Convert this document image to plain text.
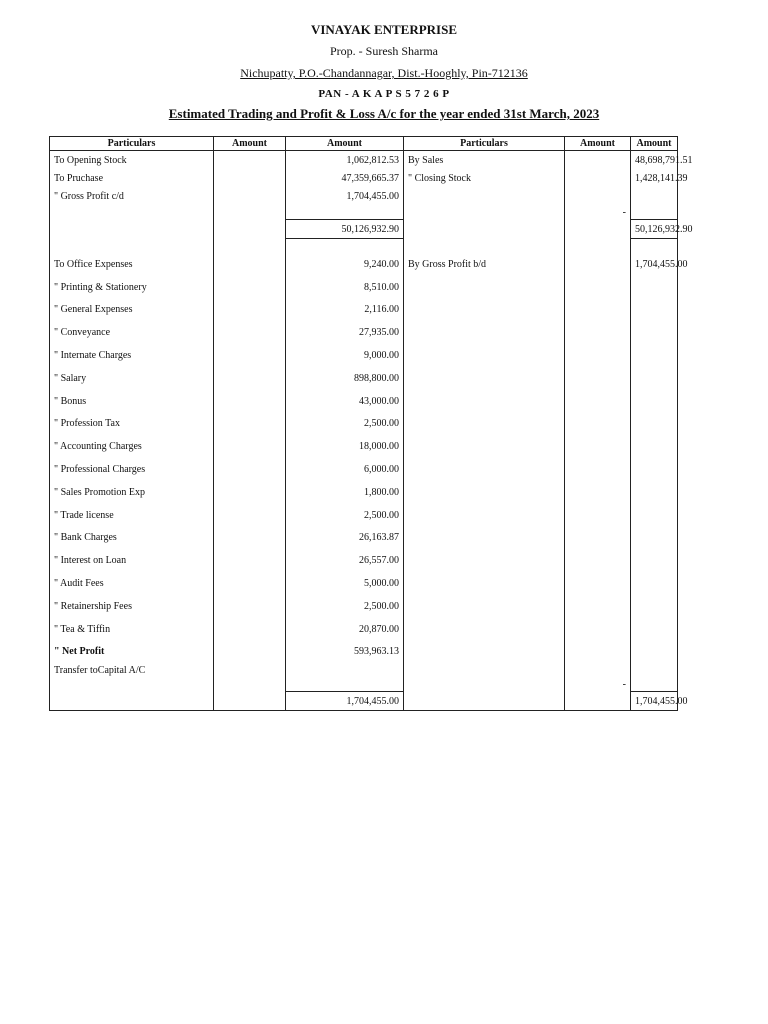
VINAYAK ENTERPRISE
Prop. - Suresh Sharma
Nichupatty, P.O.-Chandannagar, Dist.-Hooghly, Pin-712136
PAN - A K A P S 5 7 2 6 P
Estimated Trading and Profit & Loss A/c for the year ended 31st March, 2023
Particulars	Amount	Amount	Particulars	Amount	Amount
To Opening Stock		1,062,812.53	By Sales		48,698,791.51
To Pruchase		47,359,665.37	" Closing Stock		1,428,141.39
" Gross Profit c/d		1,704,455.00			
				-	
		50,126,932.90			50,126,932.90

To Office Expenses		9,240.00	By Gross Profit b/d		1,704,455.00
" Printing & Stationery		8,510.00			
" General Expenses		2,116.00			
" Conveyance		27,935.00			
" Internate Charges		9,000.00			
" Salary		898,800.00			
" Bonus		43,000.00			
" Profession Tax		2,500.00			
" Accounting Charges		18,000.00			
" Professional Charges		6,000.00			
" Sales Promotion Exp		1,800.00			
" Trade license		2,500.00			
" Bank Charges		26,163.87			
" Interest on Loan		26,557.00			
" Audit Fees		5,000.00			
" Retainership Fees		2,500.00			
" Tea & Tiffin		20,870.00			
" Net Profit		593,963.13			
Transfer toCapital A/C					
				-	
		1,704,455.00			1,704,455.00
